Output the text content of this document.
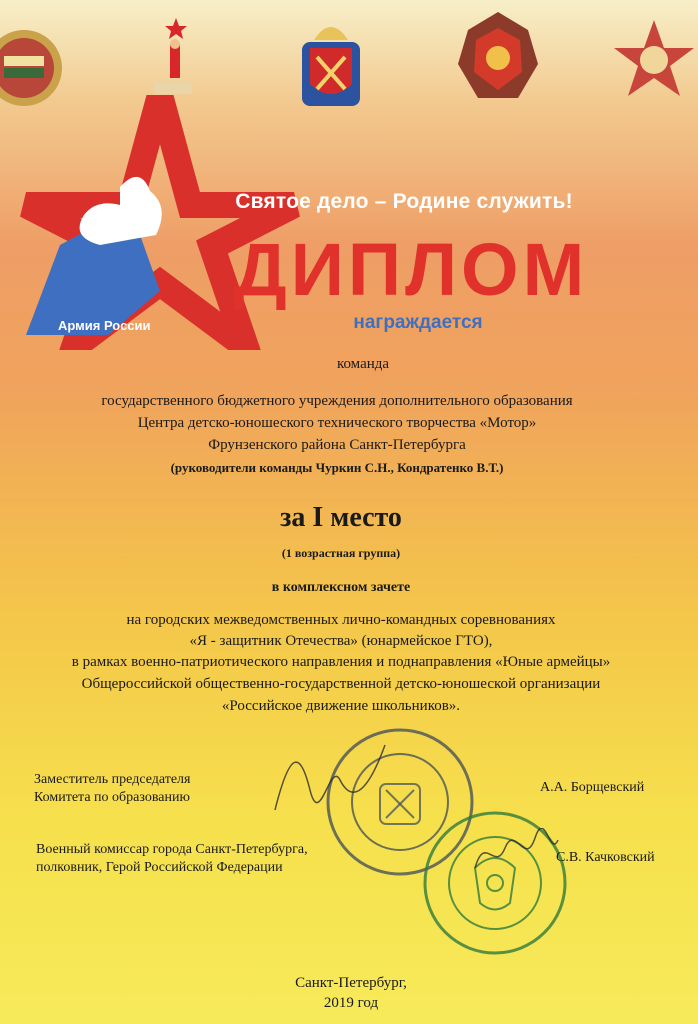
Армия России
Святое дело – Родине служить!
ДИПЛОМ
награждается
команда
государственного бюджетного учреждения дополнительного образования
Центра детско-юношеского технического творчества «Мотор»
Фрунзенского района Санкт-Петербурга
(руководители команды Чуркин С.Н., Кондратенко В.Т.)
за I место
(1 возрастная группа)
в комплексном зачете
на городских межведомственных лично-командных соревнованиях
«Я - защитник Отечества» (юнармейское ГТО),
в рамках военно-патриотического направления и поднаправления «Юные армейцы»
Общероссийской общественно-государственной детско-юношеской организации
«Российское движение школьников».
Заместитель председателя
Комитета по образованию
А.А. Борщевский
Военный комиссар города Санкт-Петербурга,
полковник, Герой Российской Федерации
С.В. Качковский
Санкт-Петербург,
2019 год
